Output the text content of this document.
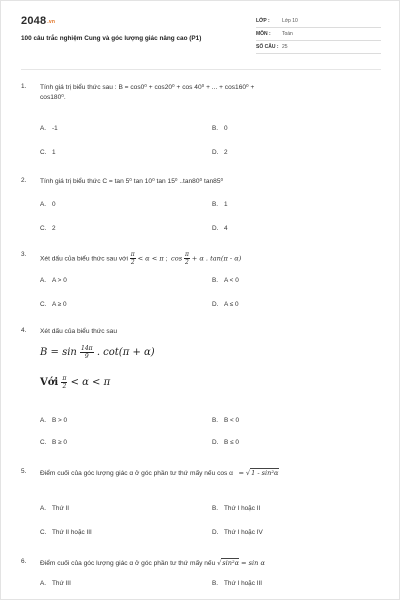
$2048^{.vn}$
100 câu trắc nghiệm Cung và góc lượng giác nâng cao (P1)
LỚP :	Lớp 10
MÔN :	Toán
SỐ CÂU : 25
1. Tính giá trị biểu thức sau : B = cos0⁰ + cos20⁰ + cos 40⁰ + ... + cos160⁰ +
cos180⁰.
A. -1	B. 0
C. 1	D. 2
2. Tính giá trị biểu thức C = tan 5⁰ tan 10⁰ tan 15⁰ ..tan80⁰ tan85⁰
A. 0	B. 1
C. 2	D. 4
3.
Xét dấu của biểu thức sau với $\frac{\pi}{2} < \alpha < \pi$ ; $\cos \frac{\pi}{2} + \alpha$ . tan(π - α)
A. A > 0	B. A < 0
C. A ≥ 0	D. A ≤ 0
4. Xét dấu của biểu thức sau
$B = \sin \frac{14\pi}{9}$ . cot(π + α)
Với $\frac{\pi}{2} < \alpha < \pi$
A. B > 0	B. B < 0
C. B ≥ 0	D. B ≤ 0
5. Điểm cuối của góc lượng giác α ở góc phần tư thứ mấy nếu cos α = √1 - sin²α
A. Thứ II	B. Thứ I hoặc II
C. Thứ II hoặc III	D. Thứ I hoặc IV
6. Điểm cuối của góc lượng giác α ở góc phần tư thứ mấy nếu √sin²α = sin α
A. Thứ III	B. Thứ I hoặc III
